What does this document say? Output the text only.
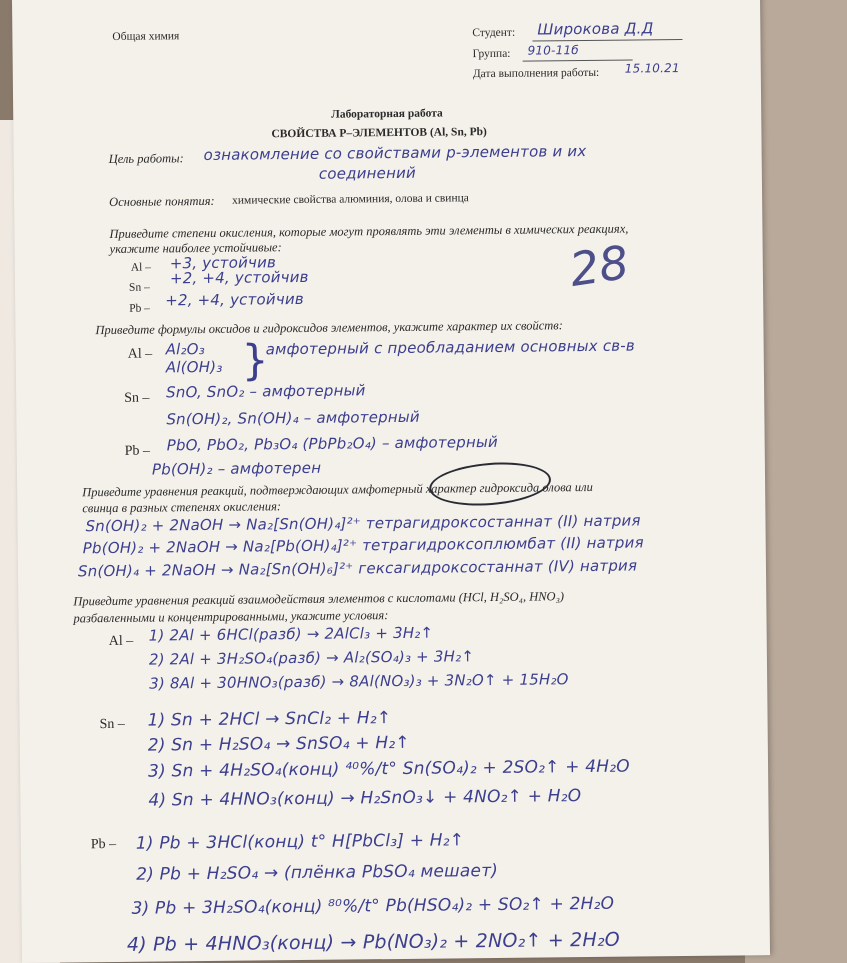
Общая химия	Студент: Широкова Д.Д
Группа: 910-11б
Дата выполнения работы: 15.10.21
Лабораторная работа
СВОЙСТВА P–ЭЛЕМЕНТОВ (Al, Sn, Pb)
Цель работы: ознакомление со свойствами р-элементов и их
соединений
Основные понятия: химические свойства алюминия, олова и свинца
28
Приведите степени окисления, которые могут проявлять эти элементы в химических реакциях,
укажите наиболее устойчивые:
Al – +3, устойчив
Sn –
+2, +4, устойчив
Pb – +2, +4, устойчив
Приведите формулы оксидов и гидроксидов элементов, укажите характер их свойств:
Al – Al₂O₃
Al(OH)₃ }
амфотерный с преобладанием основных св-в
Sn – SnO, SnO₂ – амфотерный
Sn(OH)₂, Sn(OH)₄ – амфотерный
Pb – PbO, PbO₂, Pb₃O₄ (PbPb₂O₄) – амфотерный
Pb(OH)₂ – амфотерен
Приведите уравнения реакций, подтверждающих амфотерный характер гидроксида олова или
свинца в разных степенях окисления:
Sn(OH)₂ + 2NaOH → Na₂[Sn(OH)₄]²⁺ тетрагидроксостаннат (II) натрия
Pb(OH)₂ + 2NaOH → Na₂[Pb(OH)₄]²⁺ тетрагидроксоплюмбат (II) натрия
Sn(OH)₄ + 2NaOH → Na₂[Sn(OH)₆]²⁺ гексагидроксостаннат (IV) натрия
Приведите уравнения реакций взаимодействия элементов с кислотами (HCl, H₂SO₄, HNO₃)
разбавленными и концентрированными, укажите условия:
Al – 1) 2Al + 6HCl(разб) → 2AlCl₃ + 3H₂↑
2) 2Al + 3H₂SO₄(разб) → Al₂(SO₄)₃ + 3H₂↑
3) 8Al + 30HNO₃(разб) → 8Al(NO₃)₃ + 3N₂O↑ + 15H₂O
Sn – 1) Sn + 2HCl → SnCl₂ + H₂↑
2) Sn + H₂SO₄ → SnSO₄ + H₂↑
3) Sn + 4H₂SO₄(конц) ⁴⁰%/t° Sn(SO₄)₂ + 2SO₂↑ + 4H₂O
4) Sn + 4HNO₃(конц) → H₂SnO₃↓ + 4NO₂↑ + H₂O
Pb – 1) Pb + 3HCl(конц) t° H[PbCl₃] + H₂↑
2) Pb + H₂SO₄ → (плёнка PbSO₄ мешает)
3) Pb + 3H₂SO₄(конц) ⁸⁰%/t° Pb(HSO₄)₂ + SO₂↑ + 2H₂O
4) Pb + 4HNO₃(конц) → Pb(NO₃)₂ + 2NO₂↑ + 2H₂O
